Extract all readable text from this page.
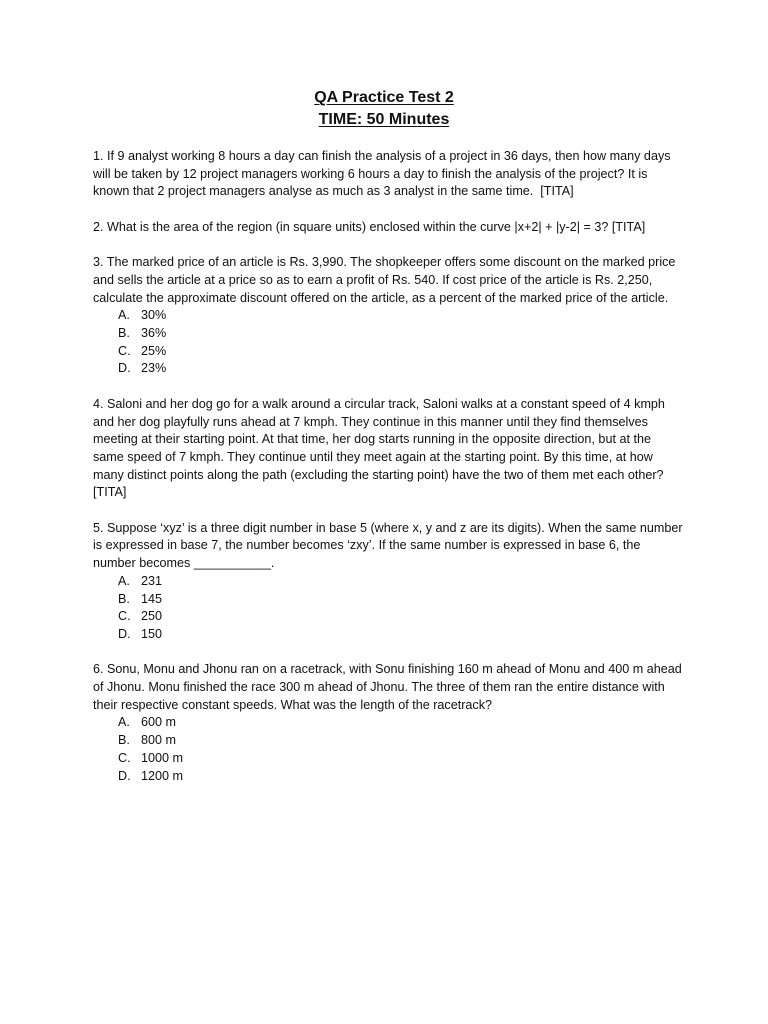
QA Practice Test 2
TIME: 50 Minutes

1. If 9 analyst working 8 hours a day can finish the analysis of a project in 36 days, then how many days will be taken by 12 project managers working 6 hours a day to finish the analysis of the project? It is known that 2 project managers analyse as much as 3 analyst in the same time.  [TITA]

2. What is the area of the region (in square units) enclosed within the curve |x+2| + |y-2| = 3? [TITA]

3. The marked price of an article is Rs. 3,990. The shopkeeper offers some discount on the marked price and sells the article at a price so as to earn a profit of Rs. 540. If cost price of the article is Rs. 2,250, calculate the approximate discount offered on the article, as a percent of the marked price of the article.

A. 30%
B. 36%
C. 25%
D. 23%

4. Saloni and her dog go for a walk around a circular track, Saloni walks at a constant speed of 4 kmph and her dog playfully runs ahead at 7 kmph. They continue in this manner until they find themselves meeting at their starting point. At that time, her dog starts running in the opposite direction, but at the same speed of 7 kmph. They continue until they meet again at the starting point. By this time, at how many distinct points along the path (excluding the starting point) have the two of them met each other?  [TITA]

5. Suppose ‘xyz’ is a three digit number in base 5 (where x, y and z are its digits). When the same number is expressed in base 7, the number becomes ‘zxy’. If the same number is expressed in base 6, the number becomes ___________.

A. 231
B. 145
C. 250
D. 150

6. Sonu, Monu and Jhonu ran on a racetrack, with Sonu finishing 160 m ahead of Monu and 400 m ahead of Jhonu. Monu finished the race 300 m ahead of Jhonu. The three of them ran the entire distance with their respective constant speeds. What was the length of the racetrack?

A. 600 m
B. 800 m
C. 1000 m
D. 1200 m
